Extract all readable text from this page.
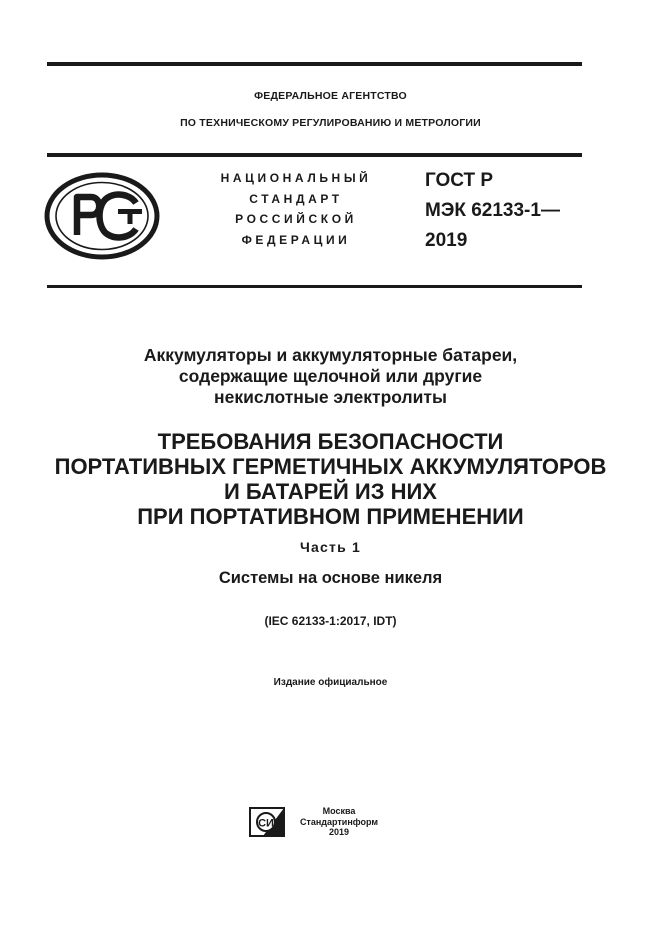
ФЕДЕРАЛЬНОЕ АГЕНТСТВО
ПО ТЕХНИЧЕСКОМУ РЕГУЛИРОВАНИЮ И МЕТРОЛОГИИ
НАЦИОНАЛЬНЫЙ
СТАНДАРТ
РОССИЙСКОЙ
ФЕДЕРАЦИИ
ГОСТ Р
МЭК 62133-1—
2019
Аккумуляторы и аккумуляторные батареи,
содержащие щелочной или другие
некислотные электролиты
ТРЕБОВАНИЯ БЕЗОПАСНОСТИ
ПОРТАТИВНЫХ ГЕРМЕТИЧНЫХ АККУМУЛЯТОРОВ
И БАТАРЕЙ ИЗ НИХ
ПРИ ПОРТАТИВНОМ ПРИМЕНЕНИИ
Часть 1
Системы на основе никеля
(IEC 62133-1:2017, IDT)
Издание официальное
СИ
Москва
Стандартинформ
2019
